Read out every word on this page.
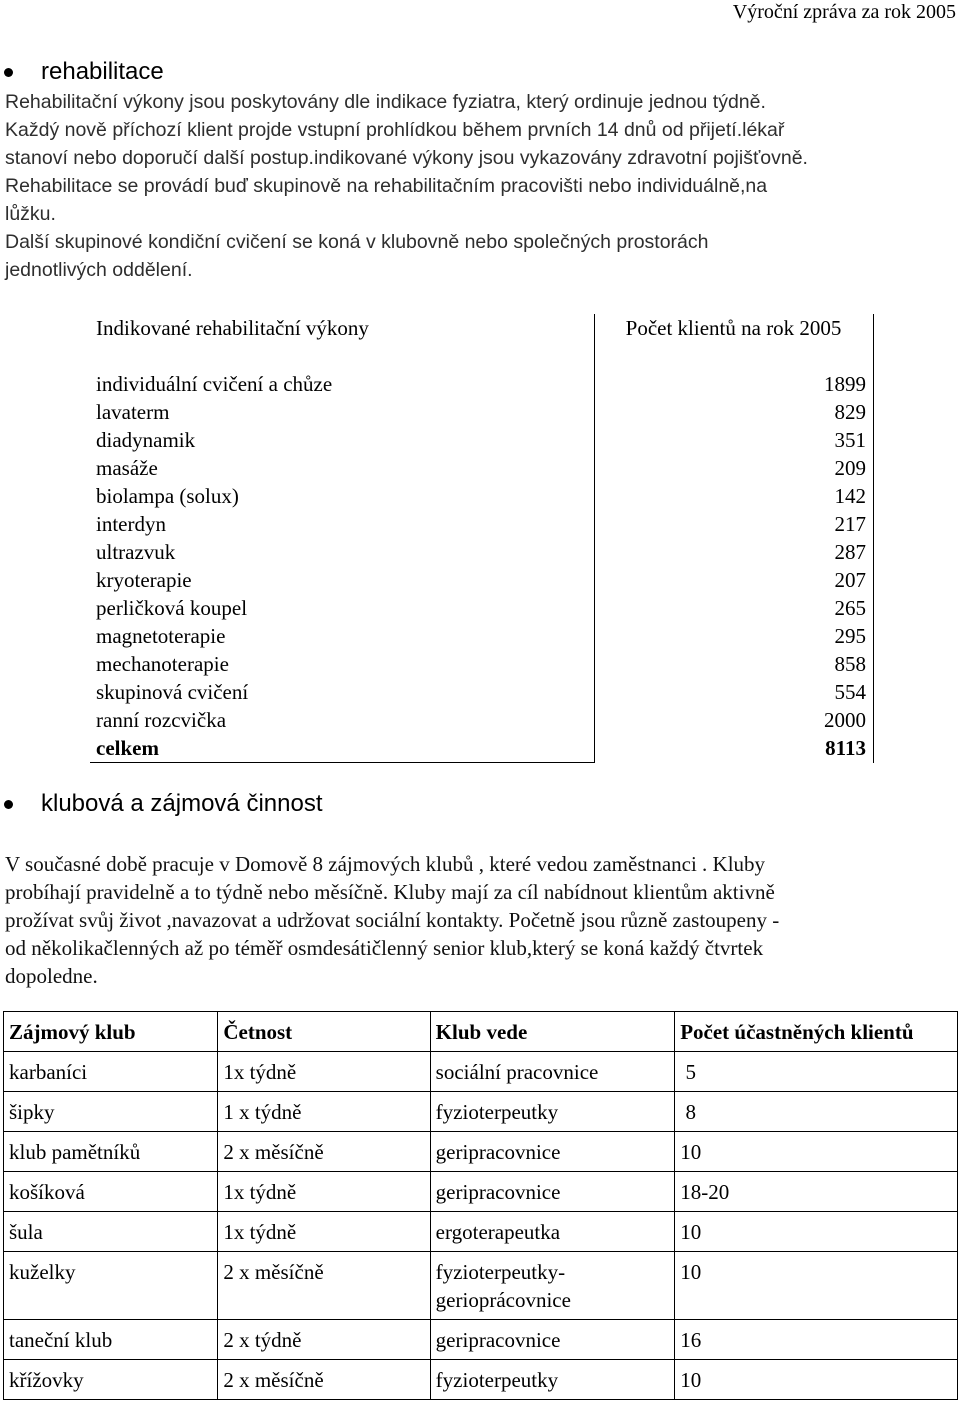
Výroční zpráva za rok 2005
rehabilitace
Rehabilitační výkony jsou poskytovány dle indikace fyziatra, který ordinuje jednou týdně.
Každý nově příchozí klient projde vstupní prohlídkou během prvních 14 dnů od přijetí.lékař
stanoví nebo doporučí další postup.indikované výkony jsou vykazovány zdravotní pojišťovně.
Rehabilitace se provádí buď skupinově na rehabilitačním pracovišti nebo individuálně,na
lůžku.
Další skupinové kondiční cvičení se koná v klubovně nebo společných prostorách
jednotlivých oddělení.
Indikované rehabilitační výkony	Počet klientů na rok 2005
individuální cvičení a chůze	1899
lavaterm	829
diadynamik	351
masáže	209
biolampa (solux)	142
interdyn	217
ultrazvuk	287
kryoterapie	207
perličková koupel	265
magnetoterapie	295
mechanoterapie	858
skupinová cvičení	554
ranní rozcvička	2000
celkem	8113
klubová a zájmová činnost
V současné době pracuje v Domově 8 zájmových klubů , které vedou zaměstnanci . Kluby
probíhají pravidelně a to týdně nebo měsíčně. Kluby mají za cíl nabídnout klientům aktivně
prožívat svůj život ,navazovat a udržovat sociální kontakty. Početně jsou různě zastoupeny -
od několikačlenných až po téměř osmdesátičlenný senior klub,který se koná každý čtvrtek
dopoledne.
Zájmový klub	Četnost	Klub vede	Počet účastněných klientů
karbaníci	1x týdně	sociální pracovnice	5
šipky	1 x týdně	fyzioterpeutky	8
klub pamětníků	2 x měsíčně	geripracovnice	10
košíková	1x týdně	geripracovnice	18-20
šula	1x týdně	ergoterapeutka	10
kuželky	2 x měsíčně	fyzioterpeutky- gerioprácovnice	10
taneční klub	2 x týdně	geripracovnice	16
křížovky	2 x měsíčně	fyzioterpeutky	10
